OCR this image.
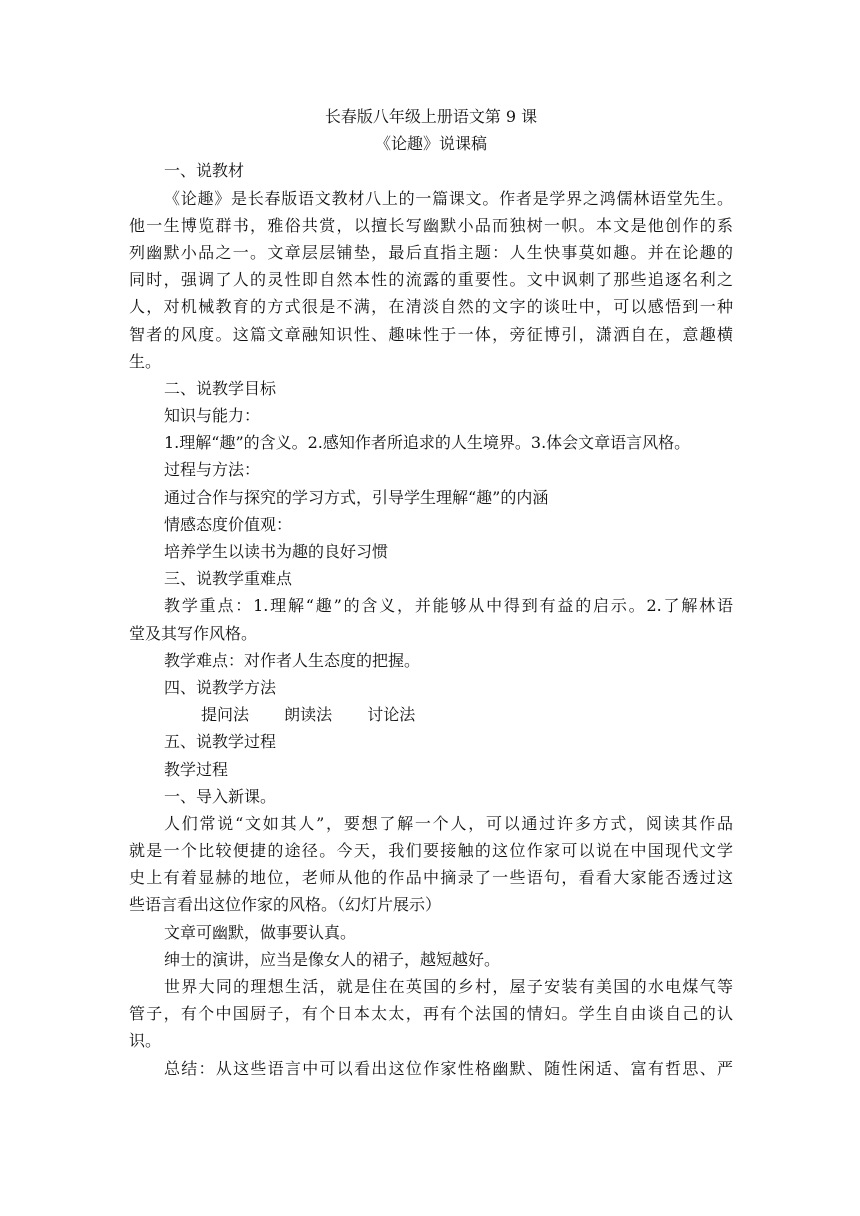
长春版八年级上册语文第 9 课
《论趣》说课稿
一、说教材
《论趣》是长春版语文教材八上的一篇课文。作者是学界之鸿儒林语堂先生。
他一生博览群书，雅俗共赏，以擅长写幽默小品而独树一帜。本文是他创作的系
列幽默小品之一。文章层层铺垫，最后直指主题：人生快事莫如趣。并在论趣的
同时，强调了人的灵性即自然本性的流露的重要性。文中讽刺了那些追逐名利之
人，对机械教育的方式很是不满，在清淡自然的文字的谈吐中，可以感悟到一种
智者的风度。这篇文章融知识性、趣味性于一体，旁征博引，潇洒自在，意趣横
生。
二、说教学目标
知识与能力：
1.理解“趣”的含义。2.感知作者所追求的人生境界。3.体会文章语言风格。
过程与方法：
通过合作与探究的学习方式，引导学生理解“趣”的内涵
情感态度价值观：
培养学生以读书为趣的良好习惯
三、说教学重难点
教学重点：1.理解“趣”的含义，并能够从中得到有益的启示。2.了解林语
堂及其写作风格。
教学难点：对作者人生态度的把握。
四、说教学方法
提问法 朗读法 讨论法
五、说教学过程
教学过程
一、导入新课。
人们常说“文如其人”，要想了解一个人，可以通过许多方式，阅读其作品
就是一个比较便捷的途径。今天，我们要接触的这位作家可以说在中国现代文学
史上有着显赫的地位，老师从他的作品中摘录了一些语句，看看大家能否透过这
些语言看出这位作家的风格。（幻灯片展示）
文章可幽默，做事要认真。
绅士的演讲，应当是像女人的裙子，越短越好。
世界大同的理想生活，就是住在英国的乡村，屋子安装有美国的水电煤气等
管子，有个中国厨子，有个日本太太，再有个法国的情妇。学生自由谈自己的认
识。
总结：从这些语言中可以看出这位作家性格幽默、随性闲适、富有哲思、严
